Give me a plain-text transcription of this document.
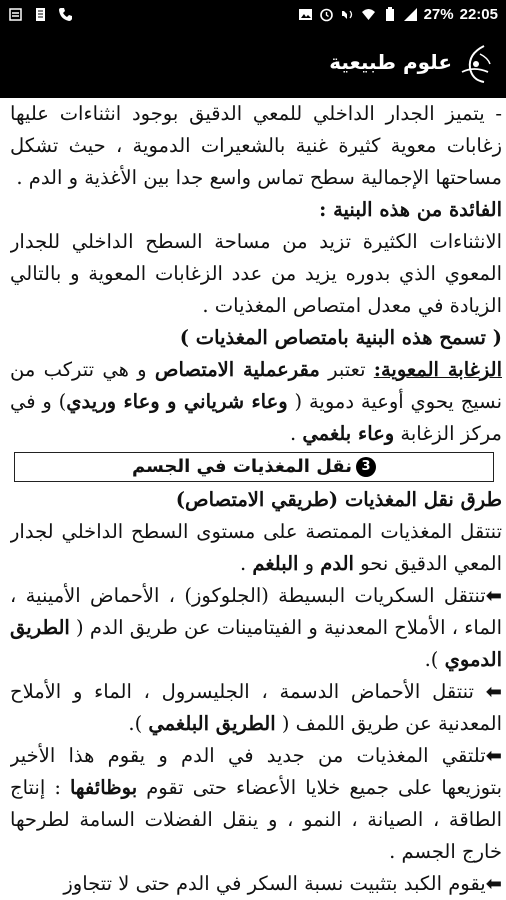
27% 22:05
علوم طبيعية

- يتميز الجدار الداخلي للمعي الدقيق بوجود انثناءات عليها زغابات معوية كثيرة غنية بالشعيرات الدموية ، حيث تشكل مساحتها الإجمالية سطح تماس واسع جدا بين الأغذية و الدم .

الفائدة من هذه البنية :

الانثناءات الكثيرة تزيد من مساحة السطح الداخلي للجدار المعوي الذي بدوره يزيد من عدد الزغابات المعوية و بالتالي الزيادة في معدل امتصاص المغذيات .

( تسمح هذه البنية بامتصاص المغذيات )

الزغابة المعوية: تعتبر مقرعملية الامتصاص و هي تتركب من نسيج يحوي أوعية دموية ( وعاء شرياني و وعاء وريدي) و في مركز الزغابة وعاء بلغمي .

3نقل المغذيات في الجسم

طرق نقل المغذيات (طريقي الامتصاص)

تنتقل المغذيات الممتصة على مستوى السطح الداخلي لجدار المعي الدقيق نحو الدم و البلغم .

⬅تنتقل السكريات البسيطة (الجلوكوز) ، الأحماض الأمينية ، الماء ، الأملاح المعدنية و الفيتامينات عن طريق الدم ( الطريق الدموي ).

⬅ تنتقل الأحماض الدسمة ، الجليسرول ، الماء و الأملاح المعدنية عن طريق اللمف ( الطريق البلغمي ).

⬅تلتقي المغذيات من جديد في الدم و يقوم هذا الأخير بتوزيعها على جميع خلايا الأعضاء حتى تقوم بوظائفها : إنتاج الطاقة ، الصيانة ، النمو ، و ينقل الفضلات السامة لطرحها خارج الجسم .

⬅يقوم الكبد بتثبيت نسبة السكر في الدم حتى لا تتجاوز
